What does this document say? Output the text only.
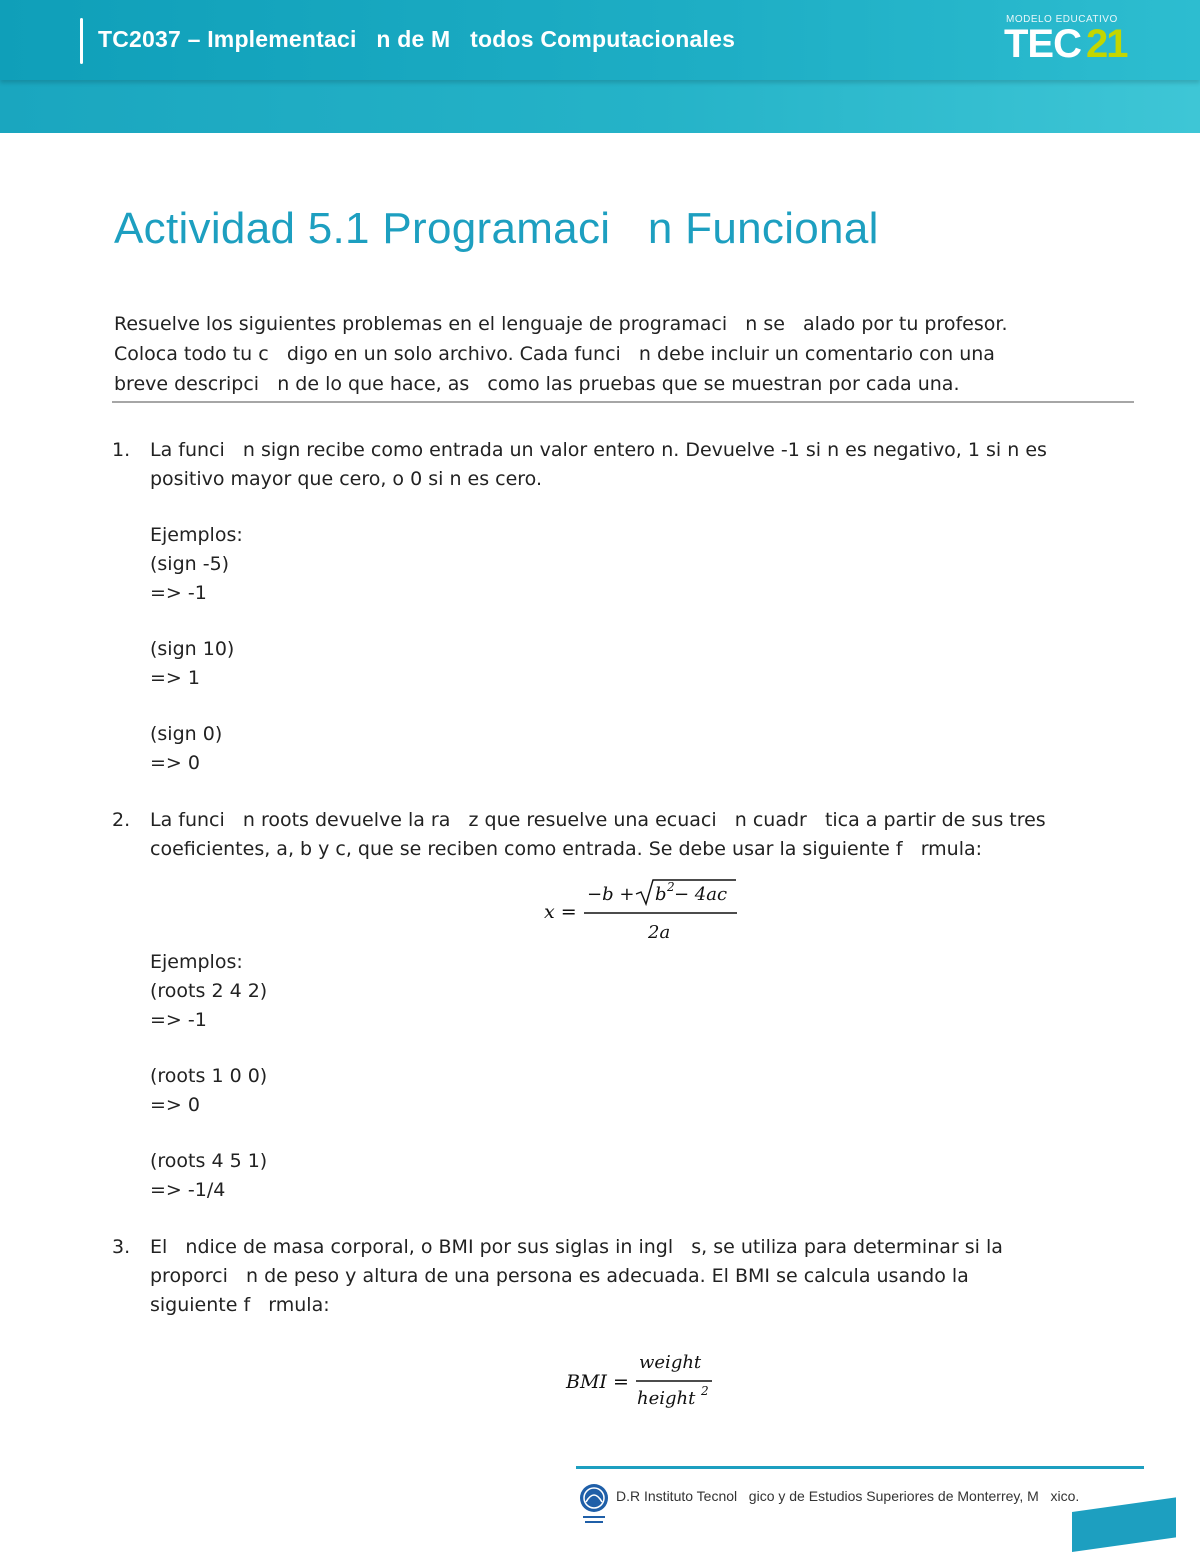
TC2037 – Implementaci   n de M   todos Computacionales
MODELO EDUCATIVO
TEC 21
Actividad 5.1 Programaci   n Funcional

Resuelve los siguientes problemas en el lenguaje de programaci   n se   alado por tu profesor.
Coloca todo tu c   digo en un solo archivo. Cada funci   n debe incluir un comentario con una
breve descripci   n de lo que hace, as   como las pruebas que se muestran por cada una.

1. La funci   n sign recibe como entrada un valor entero n. Devuelve -1 si n es negativo, 1 si n es
positivo mayor que cero, o 0 si n es cero.
Ejemplos:
(sign -5)
=> -1
(sign 10)
=> 1
(sign 0)
=> 0
2. La funci   n roots devuelve la ra   z que resuelve una ecuaci   n cuadr   tica a partir de sus tres
coeficientes, a, b y c, que se reciben como entrada. Se debe usar la siguiente f   rmula:
x =
−b + b 2 − 4ac
2a
Ejemplos:
(roots 2 4 2)
=> -1
(roots 1 0 0)
=> 0
(roots 4 5 1)
=> -1/4
3. El   ndice de masa corporal, o BMI por sus siglas in ingl   s, se utiliza para determinar si la
proporci   n de peso y altura de una persona es adecuada. El BMI se calcula usando la
siguiente f   rmula:
BMI =
weight
height 2
D.R Instituto Tecnol   gico y de Estudios Superiores de Monterrey, M   xico.
